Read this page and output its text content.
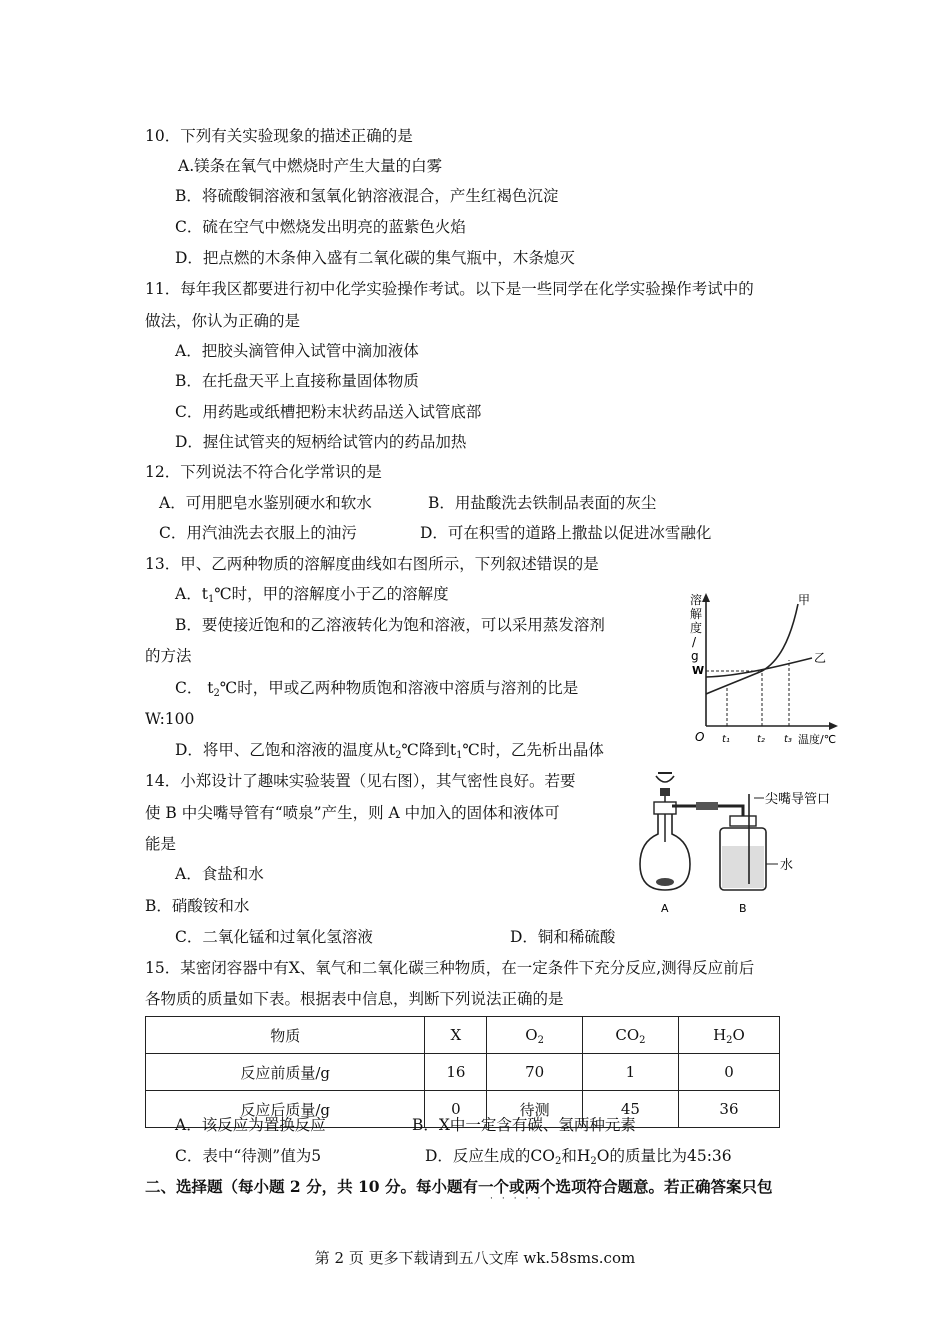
10．下列有关实验现象的描述正确的是
A.镁条在氧气中燃烧时产生大量的白雾
B．将硫酸铜溶液和氢氧化钠溶液混合，产生红褐色沉淀
C．硫在空气中燃烧发出明亮的蓝紫色火焰
D．把点燃的木条伸入盛有二氧化碳的集气瓶中，木条熄灭
11．每年我区都要进行初中化学实验操作考试。以下是一些同学在化学实验操作考试中的
做法，你认为正确的是
A．把胶头滴管伸入试管中滴加液体
B．在托盘天平上直接称量固体物质
C．用药匙或纸槽把粉末状药品送入试管底部
D．握住试管夹的短柄给试管内的药品加热
12．下列说法不符合化学常识的是
A．可用肥皂水鉴别硬水和软水	B．用盐酸洗去铁制品表面的灰尘
C．用汽油洗去衣服上的油污	D．可在积雪的道路上撒盐以促进冰雪融化
13．甲、乙两种物质的溶解度曲线如右图所示，下列叙述错误的是
A．$t_1℃$时，甲的溶解度小于乙的溶解度
B．要使接近饱和的乙溶液转化为饱和溶液，可以采用蒸发溶剂
的方法
C． $t_2℃$时，甲或乙两种物质饱和溶液中溶质与溶剂的比是
W:100
D．将甲、乙饱和溶液的温度从$t_2℃$降到$t_1℃$时，乙先析出晶体
溶
解
度
/
g
W
甲
乙
O t₁	t₂ t₃ 温度/℃
14．小郑设计了趣味实验装置（见右图），其气密性良好。若要
使 B 中尖嘴导管有“喷泉”产生，则 A 中加入的固体和液体可
能是
A．食盐和水
B．硝酸铵和水
C．二氧化锰和过氧化氢溶液	D．铜和稀硫酸
尖嘴导管口
水
A	B
15．某密闭容器中有X、氧气和二氧化碳三种物质，在一定条件下充分反应,测得反应前后
各物质的质量如下表。根据表中信息，判断下列说法正确的是
物质	X	$O_2$	$CO_2$	$H_2O$
反应前质量/g	16	70	1	0
反应后质量/g	0	待测	45	36
A．该反应为置换反应	B．X中一定含有碳、氢两种元素
C．表中“待测”值为5	D．反应生成的$CO_2$和$H_2O$的质量比为45:36
二、选择题（每小题 2 分，共 10 分。每小题有一个或两个选项符合题意。若正确答案只包
·····
第 2 页 更多下载请到五八文库 wk.58sms.com
